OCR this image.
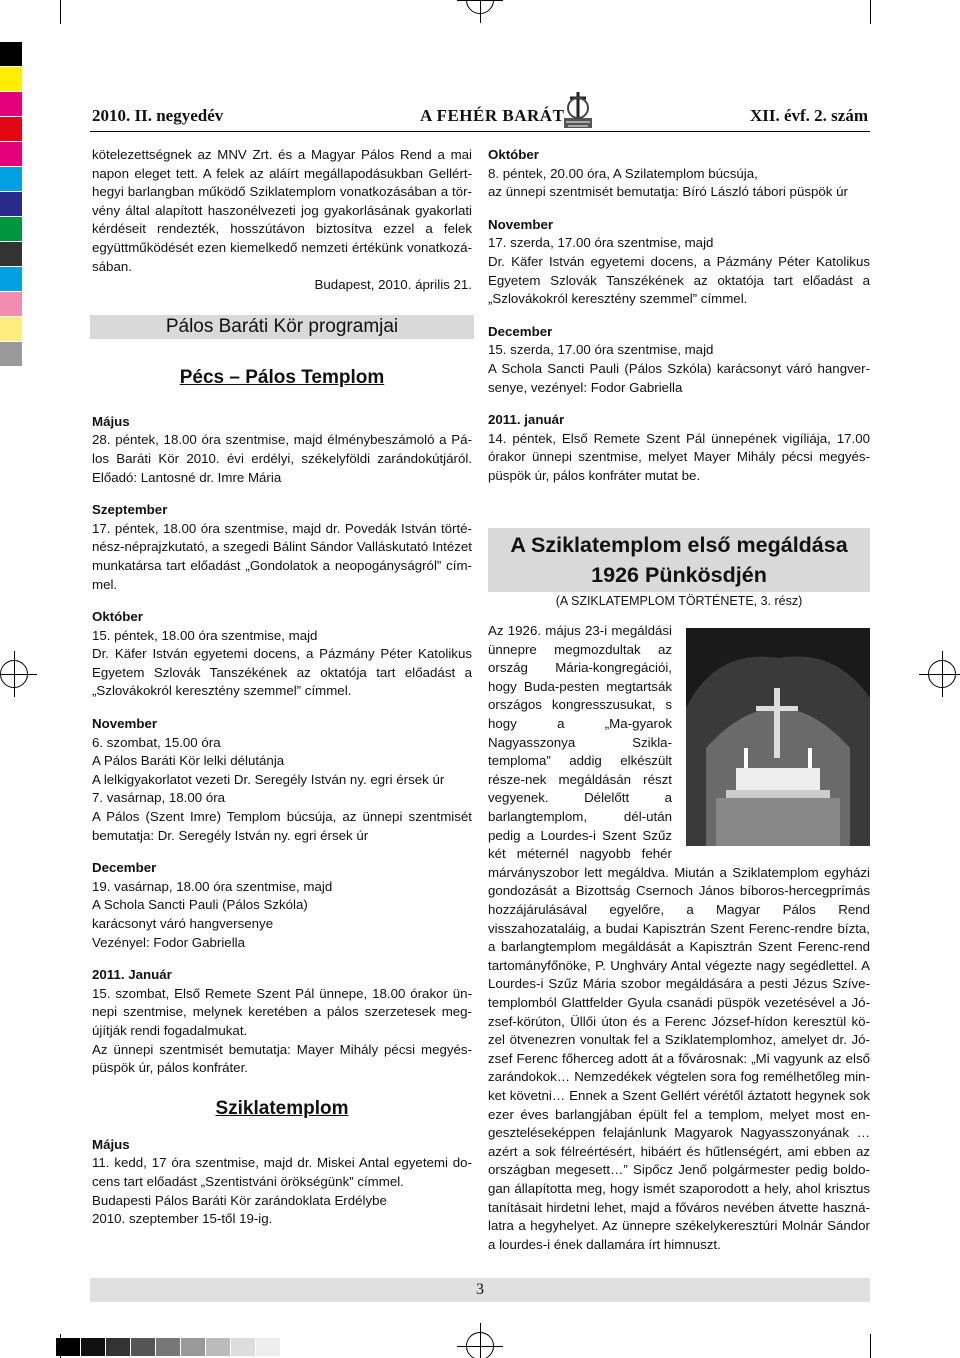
2010. II. negyedév	A FEHÉR BARÁT	XII. évf. 2. szám

kötelezettségnek az MNV Zrt. és a Magyar Pálos Rend a mai napon eleget tett. A felek az aláírt megállapodásukban Gellért-hegyi barlangban működő Sziklatemplom vonatkozásában a tör-vény által alapított haszonélvezeti jog gyakorlásának gyakorlati kérdéseit rendezték, hosszútávon biztosítva ezzel a felek együttműködését ezen kiemelkedő nemzeti értékünk vonatkozá-sában.

Budapest, 2010. április 21.

Pálos Baráti Kör programjai
Pécs – Pálos Templom

Május

28. péntek, 18.00 óra szentmise, majd élménybeszámoló a Pá-los Baráti Kör 2010. évi erdélyi, székelyföldi zarándokútjáról. Előadó: Lantosné dr. Imre Mária

Szeptember

17. péntek, 18.00 óra szentmise, majd dr. Povedák István törté-nész-néprajzkutató, a szegedi Bálint Sándor Valláskutató Intézet munkatársa tart előadást „Gondolatok a neopogányságról” cím-mel.

Október

15. péntek, 18.00 óra szentmise, majd

Dr. Käfer István egyetemi docens, a Pázmány Péter Katolikus Egyetem Szlovák Tanszékének az oktatója tart előadást a „Szlovákokról keresztény szemmel” címmel.

November

6. szombat, 15.00 óra

A Pálos Baráti Kör lelki délutánja

A lelkigyakorlatot vezeti Dr. Seregély István ny. egri érsek úr

7. vasárnap, 18.00 óra

A Pálos (Szent Imre) Templom búcsúja, az ünnepi szentmisét bemutatja: Dr. Seregély István ny. egri érsek úr

December

19. vasárnap, 18.00 óra szentmise, majd

A Schola Sancti Pauli (Pálos Szkóla)

karácsonyt váró hangversenye

Vezényel: Fodor Gabriella

2011. Január

15. szombat, Első Remete Szent Pál ünnepe, 18.00 órakor ün-nepi szentmise, melynek keretében a pálos szerzetesek meg-újítják rendi fogadalmukat.

Az ünnepi szentmisét bemutatja: Mayer Mihály pécsi megyés-püspök úr, pálos konfráter.

Sziklatemplom

Május

11. kedd, 17 óra szentmise, majd dr. Miskei Antal egyetemi do-cens tart előadást „Szentistváni örökségünk” címmel.

Budapesti Pálos Baráti Kör zarándoklata Erdélybe

2010. szeptember 15-től 19-ig.

Október

8. péntek, 20.00 óra, A Szilatemplom búcsúja,

az ünnepi szentmisét bemutatja: Bíró László tábori püspök úr

November

17. szerda, 17.00 óra szentmise, majd

Dr. Käfer István egyetemi docens, a Pázmány Péter Katolikus Egyetem Szlovák Tanszékének az oktatója tart előadást a „Szlovákokról keresztény szemmel” címmel.

December

15. szerda, 17.00 óra szentmise, majd

A Schola Sancti Pauli (Pálos Szkóla) karácsonyt váró hangver-senye, vezényel: Fodor Gabriella

2011. január

14. péntek, Első Remete Szent Pál ünnepének vigíliája, 17.00 órakor ünnepi szentmise, melyet Mayer Mihály pécsi megyés-püspök úr, pálos konfráter mutat be.

A Sziklatemplom első megáldása 1926 Pünkösdjén

(A SZIKLATEMPLOM TÖRTÉNETE, 3. rész)

Az 1926. május 23-i megáldási ünnepre megmozdultak az ország Mária-kongregációi, hogy Buda-pesten megtartsák országos kongresszusukat, s hogy a „Ma-gyarok Nagyasszonya Szikla-temploma” addig elkészült része-nek megáldásán részt vegyenek. Délelőtt a barlangtemplom, dél-után pedig a Lourdes-i Szent Szűz két méternél nagyobb fehér márványszobor lett megáldva. Miután a Sziklatemplom egyházi gondozását a Bizottság Csernoch János bíboros-hercegprímás hozzájárulásával egyelőre, a Magyar Pálos Rend visszahozataláig, a budai Kapisztrán Szent Ferenc-rendre bízta, a barlangtemplom megáldását a Kapisztrán Szent Ferenc-rend tartományfőnöke, P. Unghváry Antal végezte nagy segédlettel. A Lourdes-i Szűz Mária szobor megáldására a pesti Jézus Szíve-templomból Glattfelder Gyula csanádi püspök vezetésével a Jó-zsef-körúton, Üllői úton és a Ferenc József-hídon keresztül kö-zel ötvenezren vonultak fel a Sziklatemplomhoz, amelyet dr. Jó-zsef Ferenc főherceg adott át a fővárosnak: „Mi vagyunk az első zarándokok… Nemzedékek végtelen sora fog remélhetőleg min-ket követni… Ennek a Szent Gellért vérétől áztatott hegynek sok ezer éves barlangjában épült fel a templom, melyet most en-geszteléseképpen felajánlunk Magyarok Nagyasszonyának … azért a sok félreértésért, hibáért és hűtlenségért, ami ebben az országban megesett…” Sipőcz Jenő polgármester pedig boldo-gan állapította meg, hogy ismét szaporodott a hely, ahol krisztus tanításait hirdetni lehet, majd a főváros nevében átvette haszná-latra a hegyhelyet. Az ünnepre székelykeresztúri Molnár Sándor a lourdes-i ének dallamára írt himnuszt.

3
